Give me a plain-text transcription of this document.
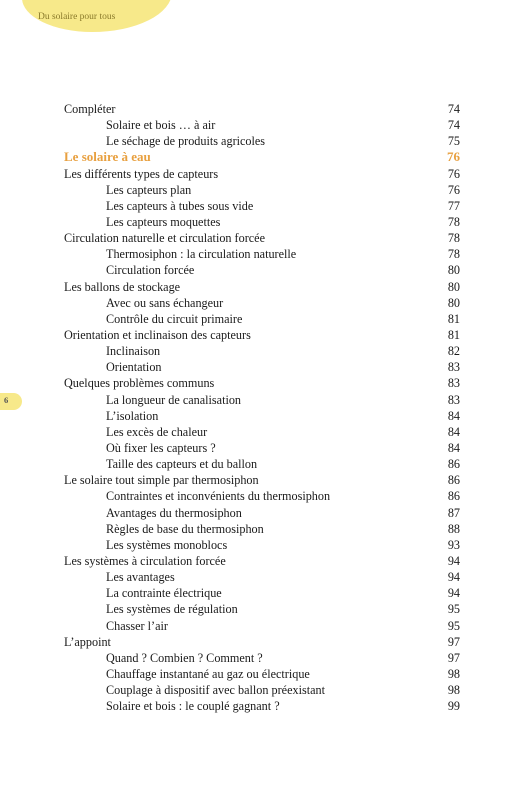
Du solaire pour tous
6
Compléter	74
Solaire et bois … à air	74
Le séchage de produits agricoles	75
Le solaire à eau	76
Les différents types de capteurs	76
Les capteurs plan	76
Les capteurs à tubes sous vide	77
Les capteurs moquettes	78
Circulation naturelle et circulation forcée	78
Thermosiphon : la circulation naturelle	78
Circulation forcée	80
Les ballons de stockage	80
Avec ou sans échangeur	80
Contrôle du circuit primaire	81
Orientation et inclinaison des capteurs	81
Inclinaison	82
Orientation	83
Quelques problèmes communs	83
La longueur de canalisation	83
L’isolation	84
Les excès de chaleur	84
Où fixer les capteurs ?	84
Taille des capteurs et du ballon	86
Le solaire tout simple par thermosiphon	86
Contraintes et inconvénients du thermosiphon	86
Avantages du thermosiphon	87
Règles de base du thermosiphon	88
Les systèmes monoblocs	93
Les systèmes à circulation forcée	94
Les avantages	94
La contrainte électrique	94
Les systèmes de régulation	95
Chasser l’air	95
L’appoint	97
Quand ? Combien ? Comment ?	97
Chauffage instantané au gaz ou électrique	98
Couplage à dispositif avec ballon préexistant	98
Solaire et bois : le couplé gagnant ?	99
